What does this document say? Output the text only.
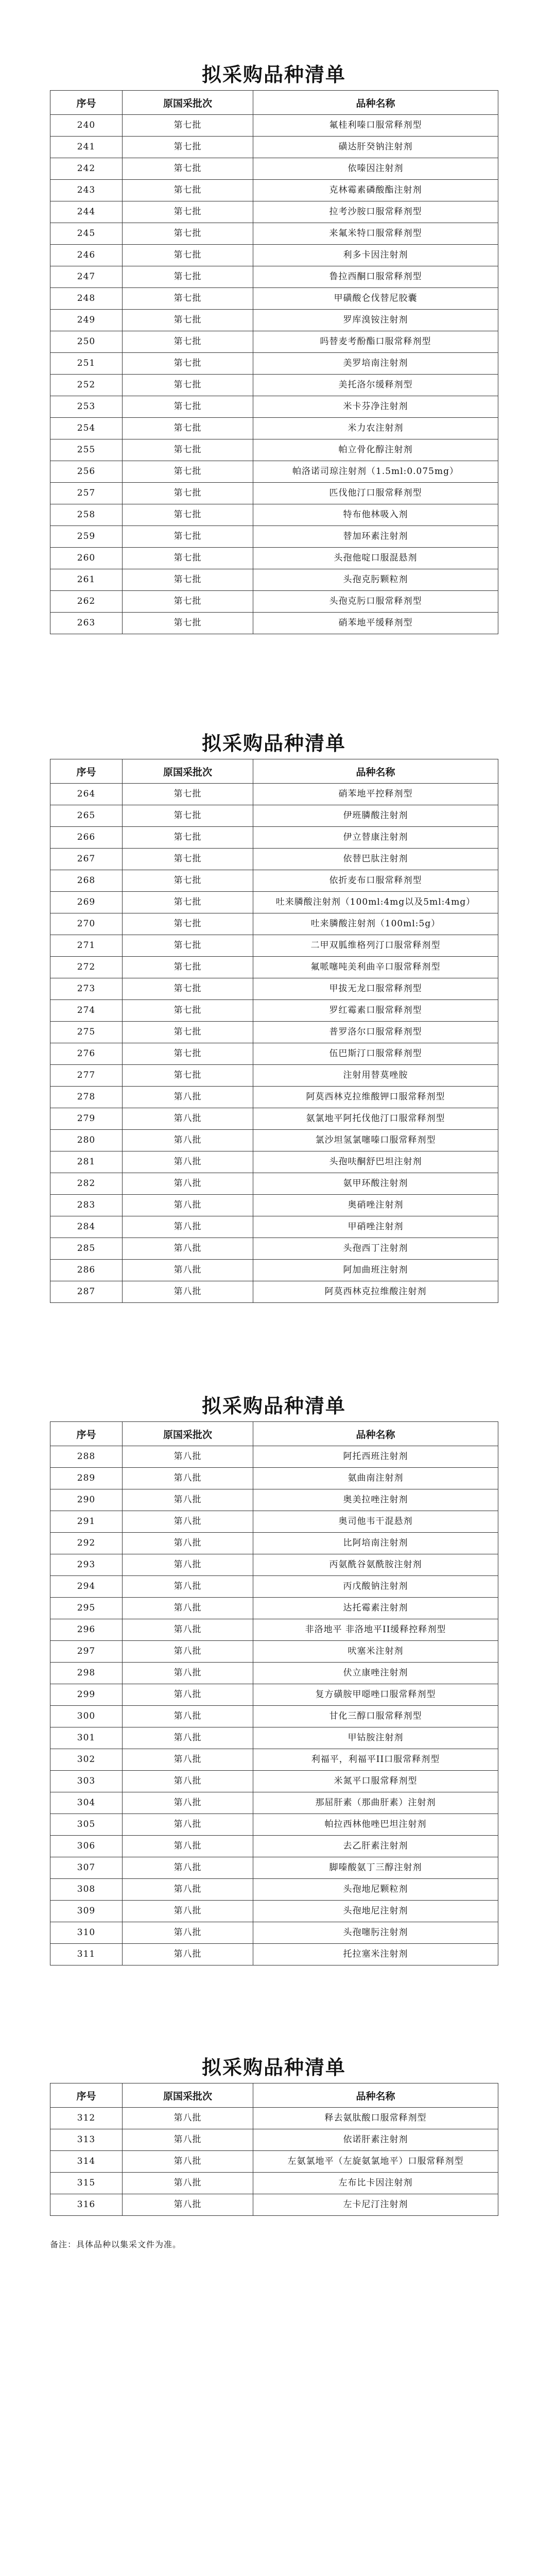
拟采购品种清单
序号	原国采批次	品种名称
240	第七批	氟桂利嗪口服常释剂型
241	第七批	磺达肝癸钠注射剂
242	第七批	依嗪因注射剂
243	第七批	克林霉素磷酸酯注射剂
244	第七批	拉考沙胺口服常释剂型
245	第七批	来氟米特口服常释剂型
246	第七批	利多卡因注射剂
247	第七批	鲁拉西酮口服常释剂型
248	第七批	甲磺酸仑伐替尼胶囊
249	第七批	罗库溴铵注射剂
250	第七批	吗替麦考酚酯口服常释剂型
251	第七批	美罗培南注射剂
252	第七批	美托洛尔缓释剂型
253	第七批	米卡芬净注射剂
254	第七批	米力农注射剂
255	第七批	帕立骨化醇注射剂
256	第七批	帕洛诺司琼注射剂（1.5ml:0.075mg）
257	第七批	匹伐他汀口服常释剂型
258	第七批	特布他林吸入剂
259	第七批	替加环素注射剂
260	第七批	头孢他啶口服混悬剂
261	第七批	头孢克肟颗粒剂
262	第七批	头孢克肟口服常释剂型
263	第七批	硝苯地平缓释剂型
拟采购品种清单
序号	原国采批次	品种名称
264	第七批	硝苯地平控释剂型
265	第七批	伊班膦酸注射剂
266	第七批	伊立替康注射剂
267	第七批	依替巴肽注射剂
268	第七批	依折麦布口服常释剂型
269	第七批	吐来膦酸注射剂（100ml:4mg以及5ml:4mg）
270	第七批	吐来膦酸注射剂（100ml:5g）
271	第七批	二甲双胍维格列汀口服常释剂型
272	第七批	氟哌噻吨美利曲辛口服常释剂型
273	第七批	甲拔无龙口服常释剂型
274	第七批	罗红霉素口服常释剂型
275	第七批	普罗洛尔口服常释剂型
276	第七批	伍巴斯汀口服常释剂型
277	第七批	注射用替莫唑胺
278	第八批	阿莫西林克拉维酸钾口服常释剂型
279	第八批	氨氯地平阿托伐他汀口服常释剂型
280	第八批	氯沙坦氢氯噻嗪口服常释剂型
281	第八批	头孢呋酮舒巴坦注射剂
282	第八批	氨甲环酸注射剂
283	第八批	奥硝唑注射剂
284	第八批	甲硝唑注射剂
285	第八批	头孢西丁注射剂
286	第八批	阿加曲班注射剂
287	第八批	阿莫西林克拉维酸注射剂
拟采购品种清单
序号	原国采批次	品种名称
288	第八批	阿托西班注射剂
289	第八批	氨曲南注射剂
290	第八批	奥美拉唑注射剂
291	第八批	奥司他韦干混悬剂
292	第八批	比阿培南注射剂
293	第八批	丙氨酰谷氨酰胺注射剂
294	第八批	丙戊酸钠注射剂
295	第八批	达托霉素注射剂
296	第八批	非洛地平 非洛地平II缓释控释剂型
297	第八批	吠塞米注射剂
298	第八批	伏立康唑注射剂
299	第八批	复方磺胺甲噁唑口服常释剂型
300	第八批	甘化三醇口服常释剂型
301	第八批	甲钴胺注射剂
302	第八批	利福平，利福平II口服常释剂型
303	第八批	米氮平口服常释剂型
304	第八批	那屈肝素（那曲肝素）注射剂
305	第八批	帕拉西林他唑巴坦注射剂
306	第八批	去乙肝素注射剂
307	第八批	脚嗪酸氨丁三醇注射剂
308	第八批	头孢地尼颗粒剂
309	第八批	头孢地尼注射剂
310	第八批	头孢噻肟注射剂
311	第八批	托拉塞米注射剂
拟采购品种清单
序号	原国采批次	品种名称
312	第八批	释去氨肽酸口服常释剂型
313	第八批	依诺肝素注射剂
314	第八批	左氨氯地平（左旋氨氯地平）口服常释剂型
315	第八批	左布比卡因注射剂
316	第八批	左卡尼汀注射剂
备注：具体品种以集采文件为准。
